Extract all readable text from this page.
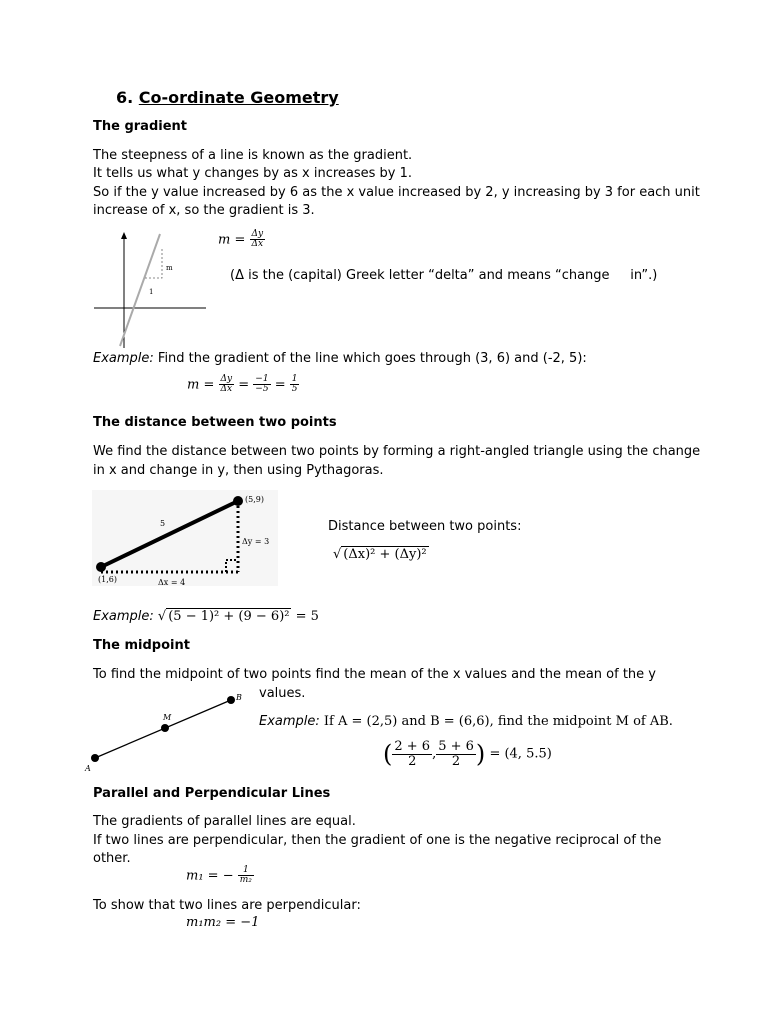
6. Co-ordinate Geometry
The gradient
The steepness of a line is known as the gradient.
It tells us what y changes by as x increases by 1.
So if the y value increased by 6 as the x value increased by 2, y increasing by 3 for each unit
increase of x, so the gradient is 3.
m
1
$m = \frac{\Delta y}{\Delta x}$
(Δ is the (capital) Greek letter “delta” and means “change     in”.)
Example: Find the gradient of the line which goes through (3, 6) and (-2, 5):
$m = \frac{\Delta y}{\Delta x} = \frac{-1}{-5} = \frac{1}{5}$
The distance between two points
We find the distance between two points by forming a right-angled triangle using the change
in x and change in y, then using Pythagoras.
(1,6)
(5,9)
5
Δx = 4
Δy = 3
Distance between two points:
√ (Δx)² + (Δy)²
Example: √ (5 − 1)² + (9 − 6)² = 5
The midpoint
To find the midpoint of two points find the mean of the x values and the mean of the y
values.
A
B
M	Example: If A = (2,5) and B = (6,6), find the midpoint M of AB.
( $\frac{2 + 6}{2}$ , $\frac{5 + 6}{2}$ ) = (4, 5.5)
Parallel and Perpendicular Lines
The gradients of parallel lines are equal.
If two lines are perpendicular, then the gradient of one is the negative reciprocal of the
other.
m₁ = − $\frac{1}{\text{m₂}}$
To show that two lines are perpendicular:
m₁m₂ = −1
